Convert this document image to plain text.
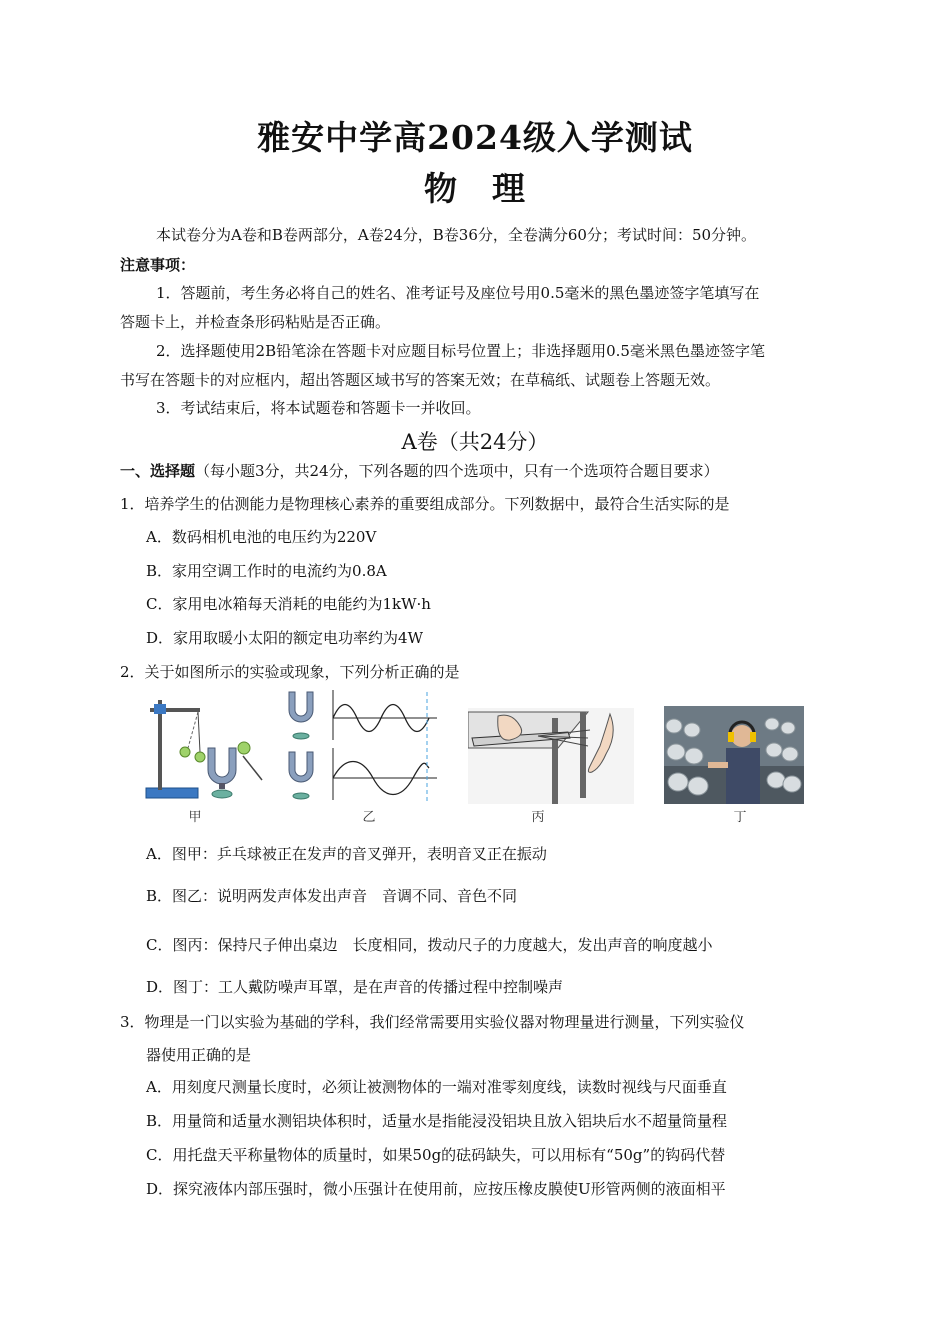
雅安中学高2024级入学测试
物　理
本试卷分为A卷和B卷两部分，A卷24分，B卷36分，全卷满分60分；考试时间：50分钟。
注意事项：
1．答题前，考生务必将自己的姓名、准考证号及座位号用0.5毫米的黑色墨迹签字笔填写在
答题卡上，并检查条形码粘贴是否正确。
2．选择题使用2B铅笔涂在答题卡对应题目标号位置上；非选择题用0.5毫米黑色墨迹签字笔
书写在答题卡的对应框内，超出答题区域书写的答案无效；在草稿纸、试题卷上答题无效。
3．考试结束后，将本试题卷和答题卡一并收回。
A卷（共24分）
一、选择题（每小题3分，共24分，下列各题的四个选项中，只有一个选项符合题目要求）
1．培养学生的估测能力是物理核心素养的重要组成部分。下列数据中，最符合生活实际的是
A．数码相机电池的电压约为220V
B．家用空调工作时的电流约为0.8A
C．家用电冰箱每天消耗的电能约为1kW·h
D．家用取暖小太阳的额定电功率约为4W
2．关于如图所示的实验或现象，下列分析正确的是
甲	乙	丙	丁
A．图甲：乒乓球被正在发声的音叉弹开，表明音叉正在振动
B．图乙：说明两发声体发出声音　音调不同、音色不同
C．图丙：保持尺子伸出桌边　长度相同，拨动尺子的力度越大，发出声音的响度越小
D．图丁：工人戴防噪声耳罩，是在声音的传播过程中控制噪声
3．物理是一门以实验为基础的学科，我们经常需要用实验仪器对物理量进行测量，下列实验仪
器使用正确的是
A．用刻度尺测量长度时，必须让被测物体的一端对准零刻度线，读数时视线与尺面垂直
B．用量筒和适量水测铝块体积时，适量水是指能浸没铝块且放入铝块后水不超量筒量程
C．用托盘天平称量物体的质量时，如果50g的砝码缺失，可以用标有“50g”的钩码代替
D．探究液体内部压强时，微小压强计在使用前，应按压橡皮膜使U形管两侧的液面相平
